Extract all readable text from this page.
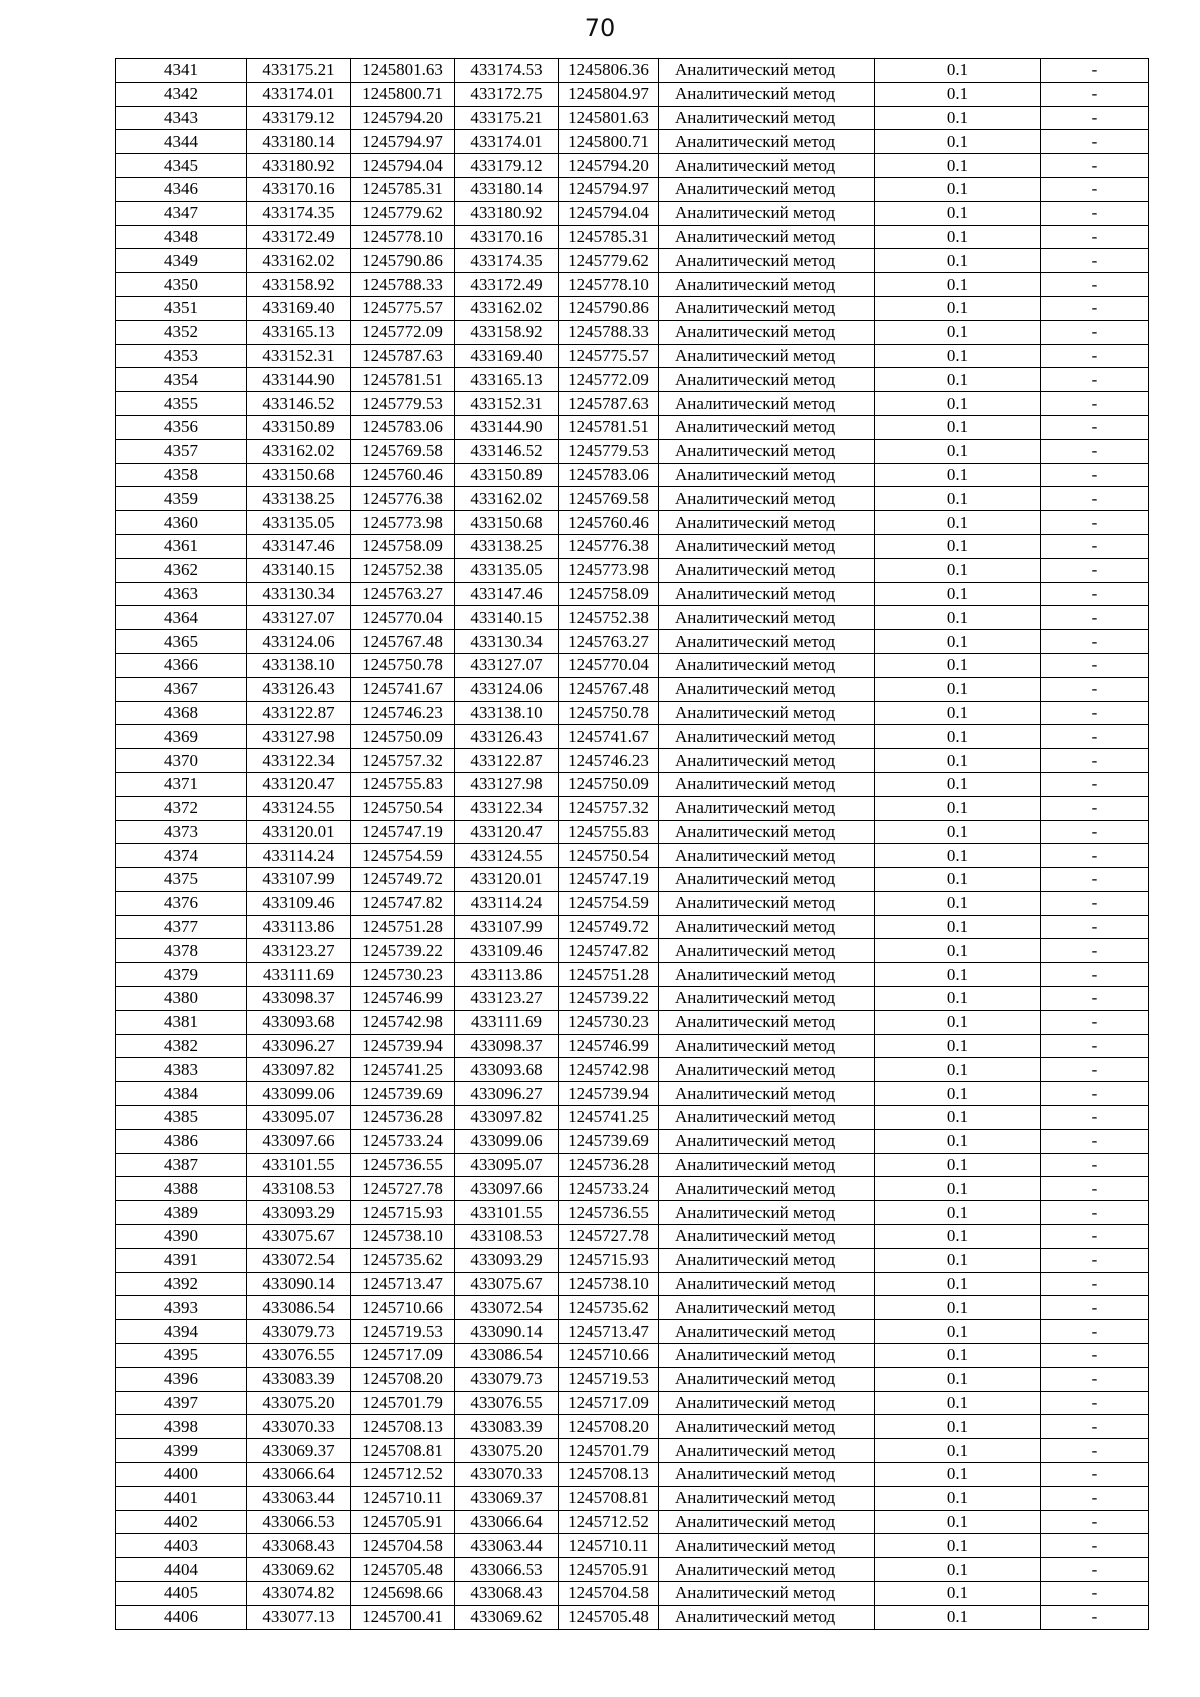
70
4341	433175.21	1245801.63	433174.53	1245806.36	Аналитический метод	0.1	-
4342	433174.01	1245800.71	433172.75	1245804.97	Аналитический метод	0.1	-
4343	433179.12	1245794.20	433175.21	1245801.63	Аналитический метод	0.1	-
4344	433180.14	1245794.97	433174.01	1245800.71	Аналитический метод	0.1	-
4345	433180.92	1245794.04	433179.12	1245794.20	Аналитический метод	0.1	-
4346	433170.16	1245785.31	433180.14	1245794.97	Аналитический метод	0.1	-
4347	433174.35	1245779.62	433180.92	1245794.04	Аналитический метод	0.1	-
4348	433172.49	1245778.10	433170.16	1245785.31	Аналитический метод	0.1	-
4349	433162.02	1245790.86	433174.35	1245779.62	Аналитический метод	0.1	-
4350	433158.92	1245788.33	433172.49	1245778.10	Аналитический метод	0.1	-
4351	433169.40	1245775.57	433162.02	1245790.86	Аналитический метод	0.1	-
4352	433165.13	1245772.09	433158.92	1245788.33	Аналитический метод	0.1	-
4353	433152.31	1245787.63	433169.40	1245775.57	Аналитический метод	0.1	-
4354	433144.90	1245781.51	433165.13	1245772.09	Аналитический метод	0.1	-
4355	433146.52	1245779.53	433152.31	1245787.63	Аналитический метод	0.1	-
4356	433150.89	1245783.06	433144.90	1245781.51	Аналитический метод	0.1	-
4357	433162.02	1245769.58	433146.52	1245779.53	Аналитический метод	0.1	-
4358	433150.68	1245760.46	433150.89	1245783.06	Аналитический метод	0.1	-
4359	433138.25	1245776.38	433162.02	1245769.58	Аналитический метод	0.1	-
4360	433135.05	1245773.98	433150.68	1245760.46	Аналитический метод	0.1	-
4361	433147.46	1245758.09	433138.25	1245776.38	Аналитический метод	0.1	-
4362	433140.15	1245752.38	433135.05	1245773.98	Аналитический метод	0.1	-
4363	433130.34	1245763.27	433147.46	1245758.09	Аналитический метод	0.1	-
4364	433127.07	1245770.04	433140.15	1245752.38	Аналитический метод	0.1	-
4365	433124.06	1245767.48	433130.34	1245763.27	Аналитический метод	0.1	-
4366	433138.10	1245750.78	433127.07	1245770.04	Аналитический метод	0.1	-
4367	433126.43	1245741.67	433124.06	1245767.48	Аналитический метод	0.1	-
4368	433122.87	1245746.23	433138.10	1245750.78	Аналитический метод	0.1	-
4369	433127.98	1245750.09	433126.43	1245741.67	Аналитический метод	0.1	-
4370	433122.34	1245757.32	433122.87	1245746.23	Аналитический метод	0.1	-
4371	433120.47	1245755.83	433127.98	1245750.09	Аналитический метод	0.1	-
4372	433124.55	1245750.54	433122.34	1245757.32	Аналитический метод	0.1	-
4373	433120.01	1245747.19	433120.47	1245755.83	Аналитический метод	0.1	-
4374	433114.24	1245754.59	433124.55	1245750.54	Аналитический метод	0.1	-
4375	433107.99	1245749.72	433120.01	1245747.19	Аналитический метод	0.1	-
4376	433109.46	1245747.82	433114.24	1245754.59	Аналитический метод	0.1	-
4377	433113.86	1245751.28	433107.99	1245749.72	Аналитический метод	0.1	-
4378	433123.27	1245739.22	433109.46	1245747.82	Аналитический метод	0.1	-
4379	433111.69	1245730.23	433113.86	1245751.28	Аналитический метод	0.1	-
4380	433098.37	1245746.99	433123.27	1245739.22	Аналитический метод	0.1	-
4381	433093.68	1245742.98	433111.69	1245730.23	Аналитический метод	0.1	-
4382	433096.27	1245739.94	433098.37	1245746.99	Аналитический метод	0.1	-
4383	433097.82	1245741.25	433093.68	1245742.98	Аналитический метод	0.1	-
4384	433099.06	1245739.69	433096.27	1245739.94	Аналитический метод	0.1	-
4385	433095.07	1245736.28	433097.82	1245741.25	Аналитический метод	0.1	-
4386	433097.66	1245733.24	433099.06	1245739.69	Аналитический метод	0.1	-
4387	433101.55	1245736.55	433095.07	1245736.28	Аналитический метод	0.1	-
4388	433108.53	1245727.78	433097.66	1245733.24	Аналитический метод	0.1	-
4389	433093.29	1245715.93	433101.55	1245736.55	Аналитический метод	0.1	-
4390	433075.67	1245738.10	433108.53	1245727.78	Аналитический метод	0.1	-
4391	433072.54	1245735.62	433093.29	1245715.93	Аналитический метод	0.1	-
4392	433090.14	1245713.47	433075.67	1245738.10	Аналитический метод	0.1	-
4393	433086.54	1245710.66	433072.54	1245735.62	Аналитический метод	0.1	-
4394	433079.73	1245719.53	433090.14	1245713.47	Аналитический метод	0.1	-
4395	433076.55	1245717.09	433086.54	1245710.66	Аналитический метод	0.1	-
4396	433083.39	1245708.20	433079.73	1245719.53	Аналитический метод	0.1	-
4397	433075.20	1245701.79	433076.55	1245717.09	Аналитический метод	0.1	-
4398	433070.33	1245708.13	433083.39	1245708.20	Аналитический метод	0.1	-
4399	433069.37	1245708.81	433075.20	1245701.79	Аналитический метод	0.1	-
4400	433066.64	1245712.52	433070.33	1245708.13	Аналитический метод	0.1	-
4401	433063.44	1245710.11	433069.37	1245708.81	Аналитический метод	0.1	-
4402	433066.53	1245705.91	433066.64	1245712.52	Аналитический метод	0.1	-
4403	433068.43	1245704.58	433063.44	1245710.11	Аналитический метод	0.1	-
4404	433069.62	1245705.48	433066.53	1245705.91	Аналитический метод	0.1	-
4405	433074.82	1245698.66	433068.43	1245704.58	Аналитический метод	0.1	-
4406	433077.13	1245700.41	433069.62	1245705.48	Аналитический метод	0.1	-
